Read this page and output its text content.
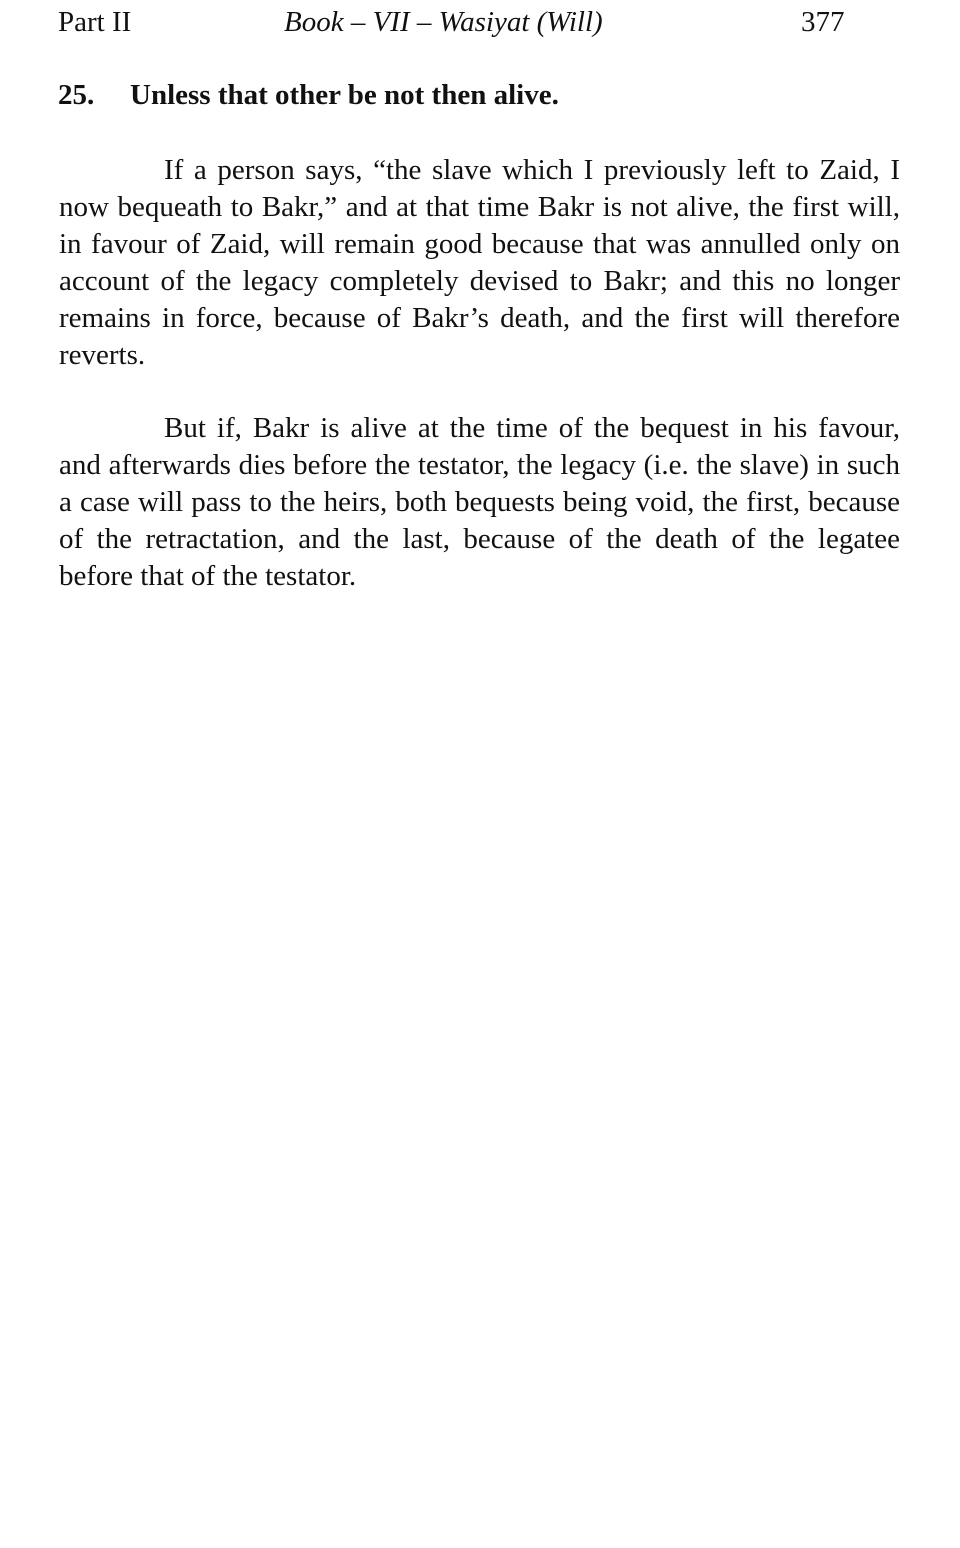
Part II	Book – VII – Wasiyat (Will)	377
25. Unless that other be not then alive.

If a person says, “the slave which I previously left to Zaid, I now bequeath to Bakr,” and at that time Bakr is not alive, the first will, in favour of Zaid, will remain good because that was annulled only on account of the legacy completely devised to Bakr; and this no longer remains in force, because of Bakr’s death, and the first will therefore reverts.

But if, Bakr is alive at the time of the bequest in his favour, and afterwards dies before the testator, the legacy (i.e. the slave) in such a case will pass to the heirs, both bequests being void, the first, because of the retractation, and the last, because of the death of the legatee before that of the testator.
